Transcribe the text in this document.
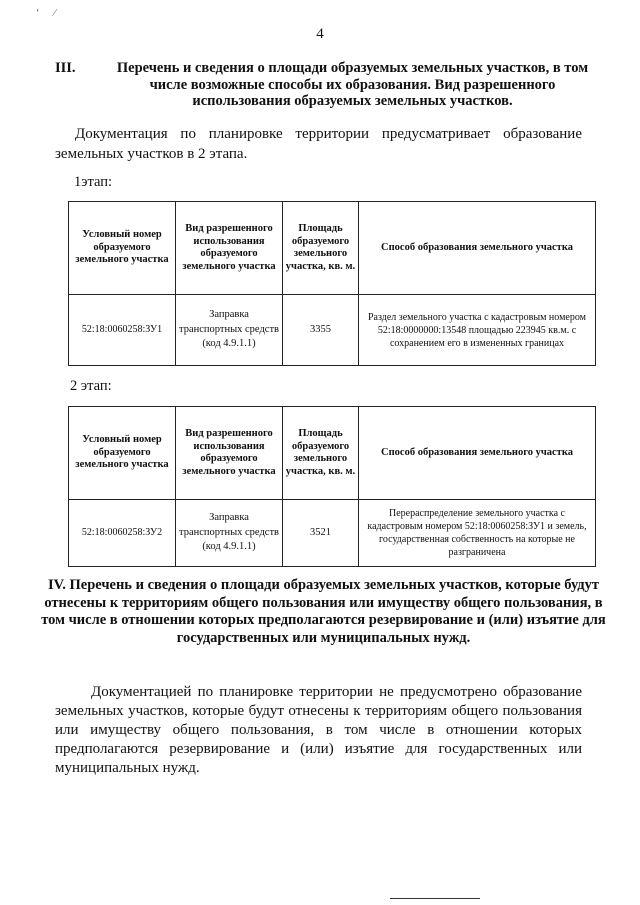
‘ ⁄
4
III.	Перечень и сведения о площади образуемых земельных участков, в том числе возможные способы их образования. Вид разрешенного использования образуемых земельных участков.
Документация по планировке территории предусматривает образование земельных участков в 2 этапа.
1этап:
Условный номер образуемого земельного участка	Вид разрешенного использования образуемого земельного участка	Площадь образуемого земельного участка, кв. м.	Способ образования земельного участка
52:18:0060258:ЗУ1	Заправка транспортных средств (код 4.9.1.1)	3355	Раздел земельного участка с кадастровым номером 52:18:0000000:13548 площадью 223945 кв.м. с сохранением его в измененных границах
2 этап:
Условный номер образуемого земельного участка	Вид разрешенного использования образуемого земельного участка	Площадь образуемого земельного участка, кв. м.	Способ образования земельного участка
52:18:0060258:ЗУ2	Заправка транспортных средств (код 4.9.1.1)	3521	Перераспределение земельного участка с кадастровым номером 52:18:0060258:ЗУ1 и земель, государственная собственность на которые не разграничена
IV. Перечень и сведения о площади образуемых земельных участков, которые будут отнесены к территориям общего пользования или имуществу общего пользования, в том числе в отношении которых предполагаются резервирование и (или) изъятие для государственных или муниципальных нужд.
Документацией по планировке территории не предусмотрено образование земельных участков, которые будут отнесены к территориям общего пользования или имуществу общего пользования, в том числе в отношении которых предполагаются резервирование и (или) изъятие для государственных или муниципальных нужд.
